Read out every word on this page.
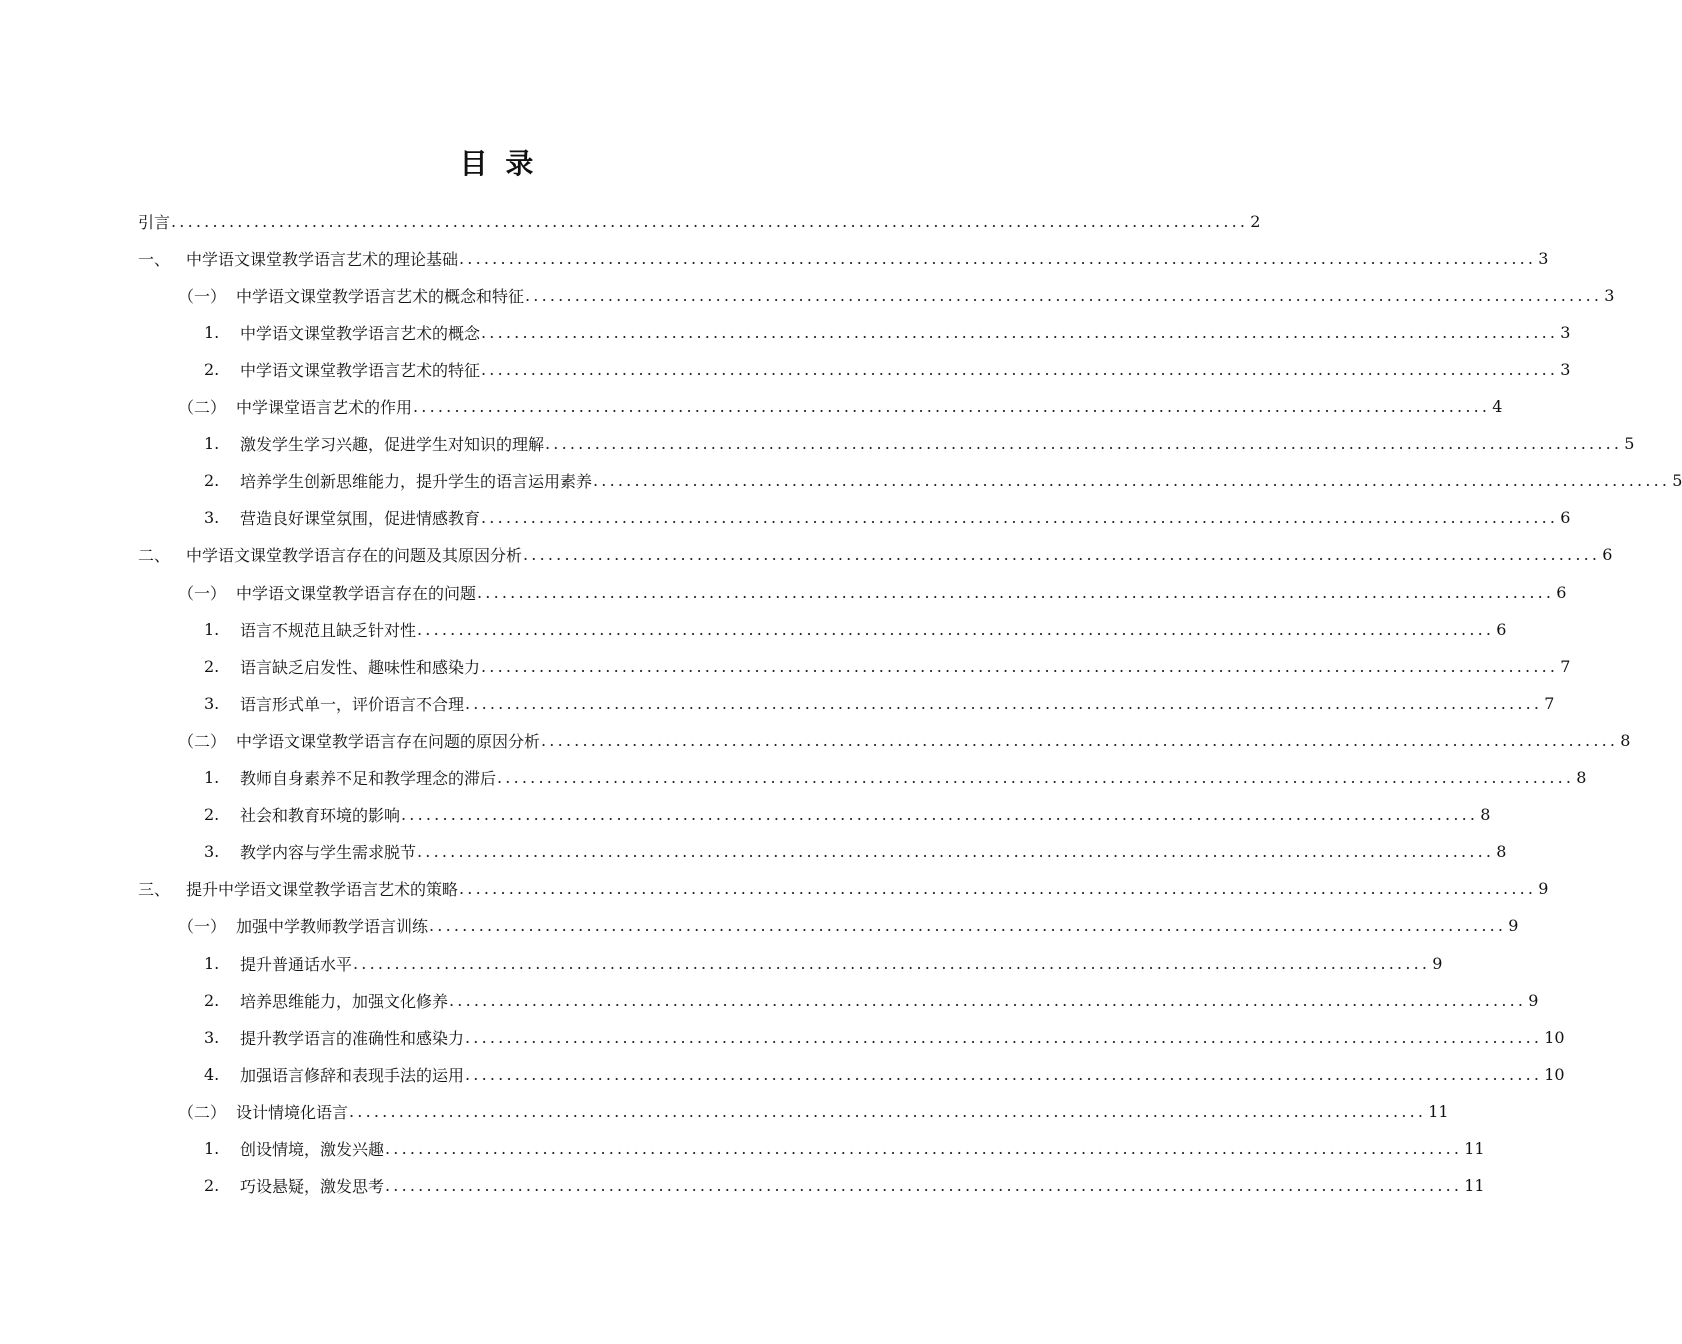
目 录
引言 .................................................................................................................................. 2
一、 中学语文课堂教学语言艺术的理论基础 .................................................................................................................................. 3
（一） 中学语文课堂教学语言艺术的概念和特征 .................................................................................................................................. 3
1.	中学语文课堂教学语言艺术的概念 .................................................................................................................................. 3
2.	中学语文课堂教学语言艺术的特征 .................................................................................................................................. 3
（二） 中学课堂语言艺术的作用 .................................................................................................................................. 4
1.	激发学生学习兴趣，促进学生对知识的理解 .................................................................................................................................. 5
2.	培养学生创新思维能力，提升学生的语言运用素养 .................................................................................................................................. 5
3.	营造良好课堂氛围，促进情感教育 .................................................................................................................................. 6
二、 中学语文课堂教学语言存在的问题及其原因分析 .................................................................................................................................. 6
（一） 中学语文课堂教学语言存在的问题 .................................................................................................................................. 6
1.	语言不规范且缺乏针对性 .................................................................................................................................. 6
2.	语言缺乏启发性、趣味性和感染力 .................................................................................................................................. 7
3.	语言形式单一，评价语言不合理 .................................................................................................................................. 7
（二） 中学语文课堂教学语言存在问题的原因分析 .................................................................................................................................. 8
1.	教师自身素养不足和教学理念的滞后 .................................................................................................................................. 8
2.	社会和教育环境的影响 .................................................................................................................................. 8
3.	教学内容与学生需求脱节 .................................................................................................................................. 8
三、 提升中学语文课堂教学语言艺术的策略 .................................................................................................................................. 9
（一） 加强中学教师教学语言训练 .................................................................................................................................. 9
1.	提升普通话水平 .................................................................................................................................. 9
2.	培养思维能力，加强文化修养 .................................................................................................................................. 9
3.	提升教学语言的准确性和感染力 .................................................................................................................................. 10
4.	加强语言修辞和表现手法的运用 .................................................................................................................................. 10
（二） 设计情境化语言 .................................................................................................................................. 11
1.	创设情境，激发兴趣 .................................................................................................................................. 11
2.	巧设悬疑，激发思考 .................................................................................................................................. 11
